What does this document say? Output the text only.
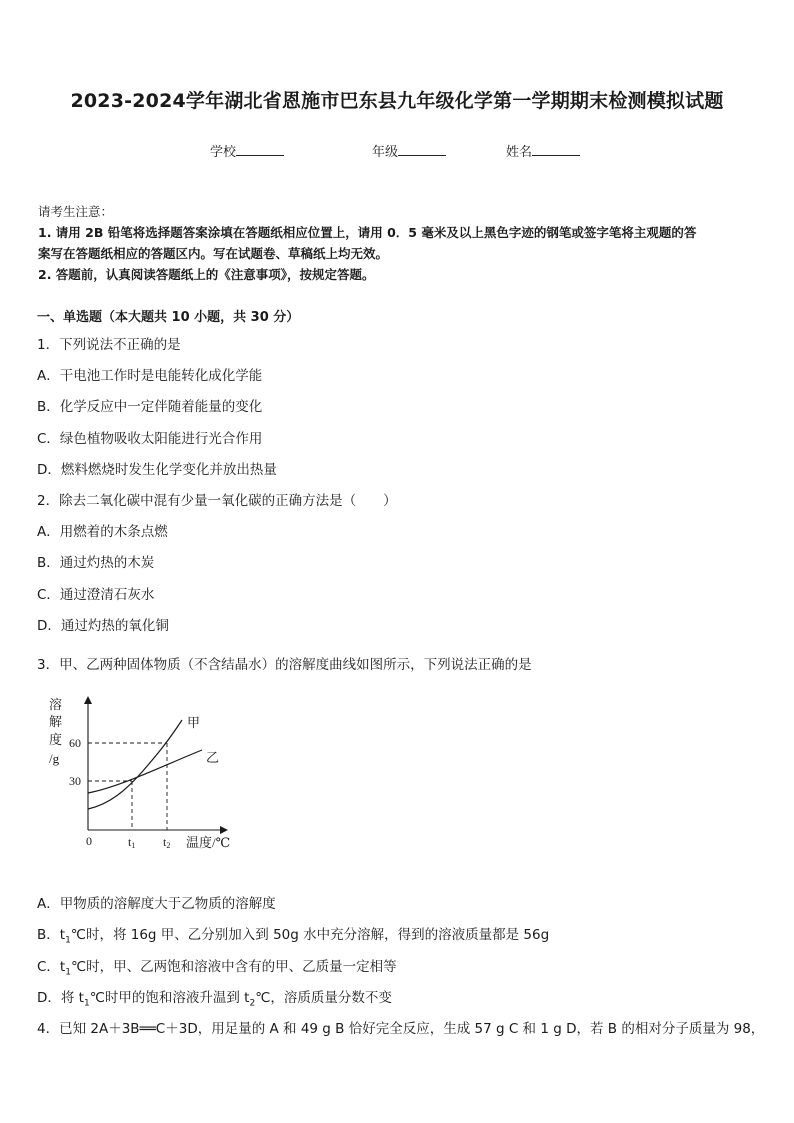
2023-2024学年湖北省恩施市巴东县九年级化学第一学期期末检测模拟试题
学校	年级	姓名
请考生注意：
1. 请用 2B 铅笔将选择题答案涂填在答题纸相应位置上，请用 0．5 毫米及以上黑色字迹的钢笔或签字笔将主观题的答
案写在答题纸相应的答题区内。写在试题卷、草稿纸上均无效。
2. 答题前，认真阅读答题纸上的《注意事项》，按规定答题。
一、单选题（本大题共 10 小题，共 30 分）
1．下列说法不正确的是
A．干电池工作时是电能转化成化学能
B．化学反应中一定伴随着能量的变化
C．绿色植物吸收太阳能进行光合作用
D．燃料燃烧时发生化学变化并放出热量
2．除去二氧化碳中混有少量一氧化碳的正确方法是（　　）
A．用燃着的木条点燃
B．通过灼热的木炭
C．通过澄清石灰水
D．通过灼热的氧化铜
3．甲、乙两种固体物质（不含结晶水）的溶解度曲线如图所示，下列说法正确的是
溶
解
度
/g
60
30
0	t1 t2 温度/℃
甲
乙
A．甲物质的溶解度大于乙物质的溶解度
B．$t_1℃$时，将 16g 甲、乙分别加入到 50g 水中充分溶解，得到的溶液质量都是 56g
C．$t_1℃$时，甲、乙两饱和溶液中含有的甲、乙质量一定相等
D．将 $t_1℃$时甲的饱和溶液升温到 $t_2℃$，溶质质量分数不变
4．已知 2A＋3B══C＋3D，用足量的 A 和 49 g B 恰好完全反应，生成 57 g C 和 1 g D，若 B 的相对分子质量为 98，
